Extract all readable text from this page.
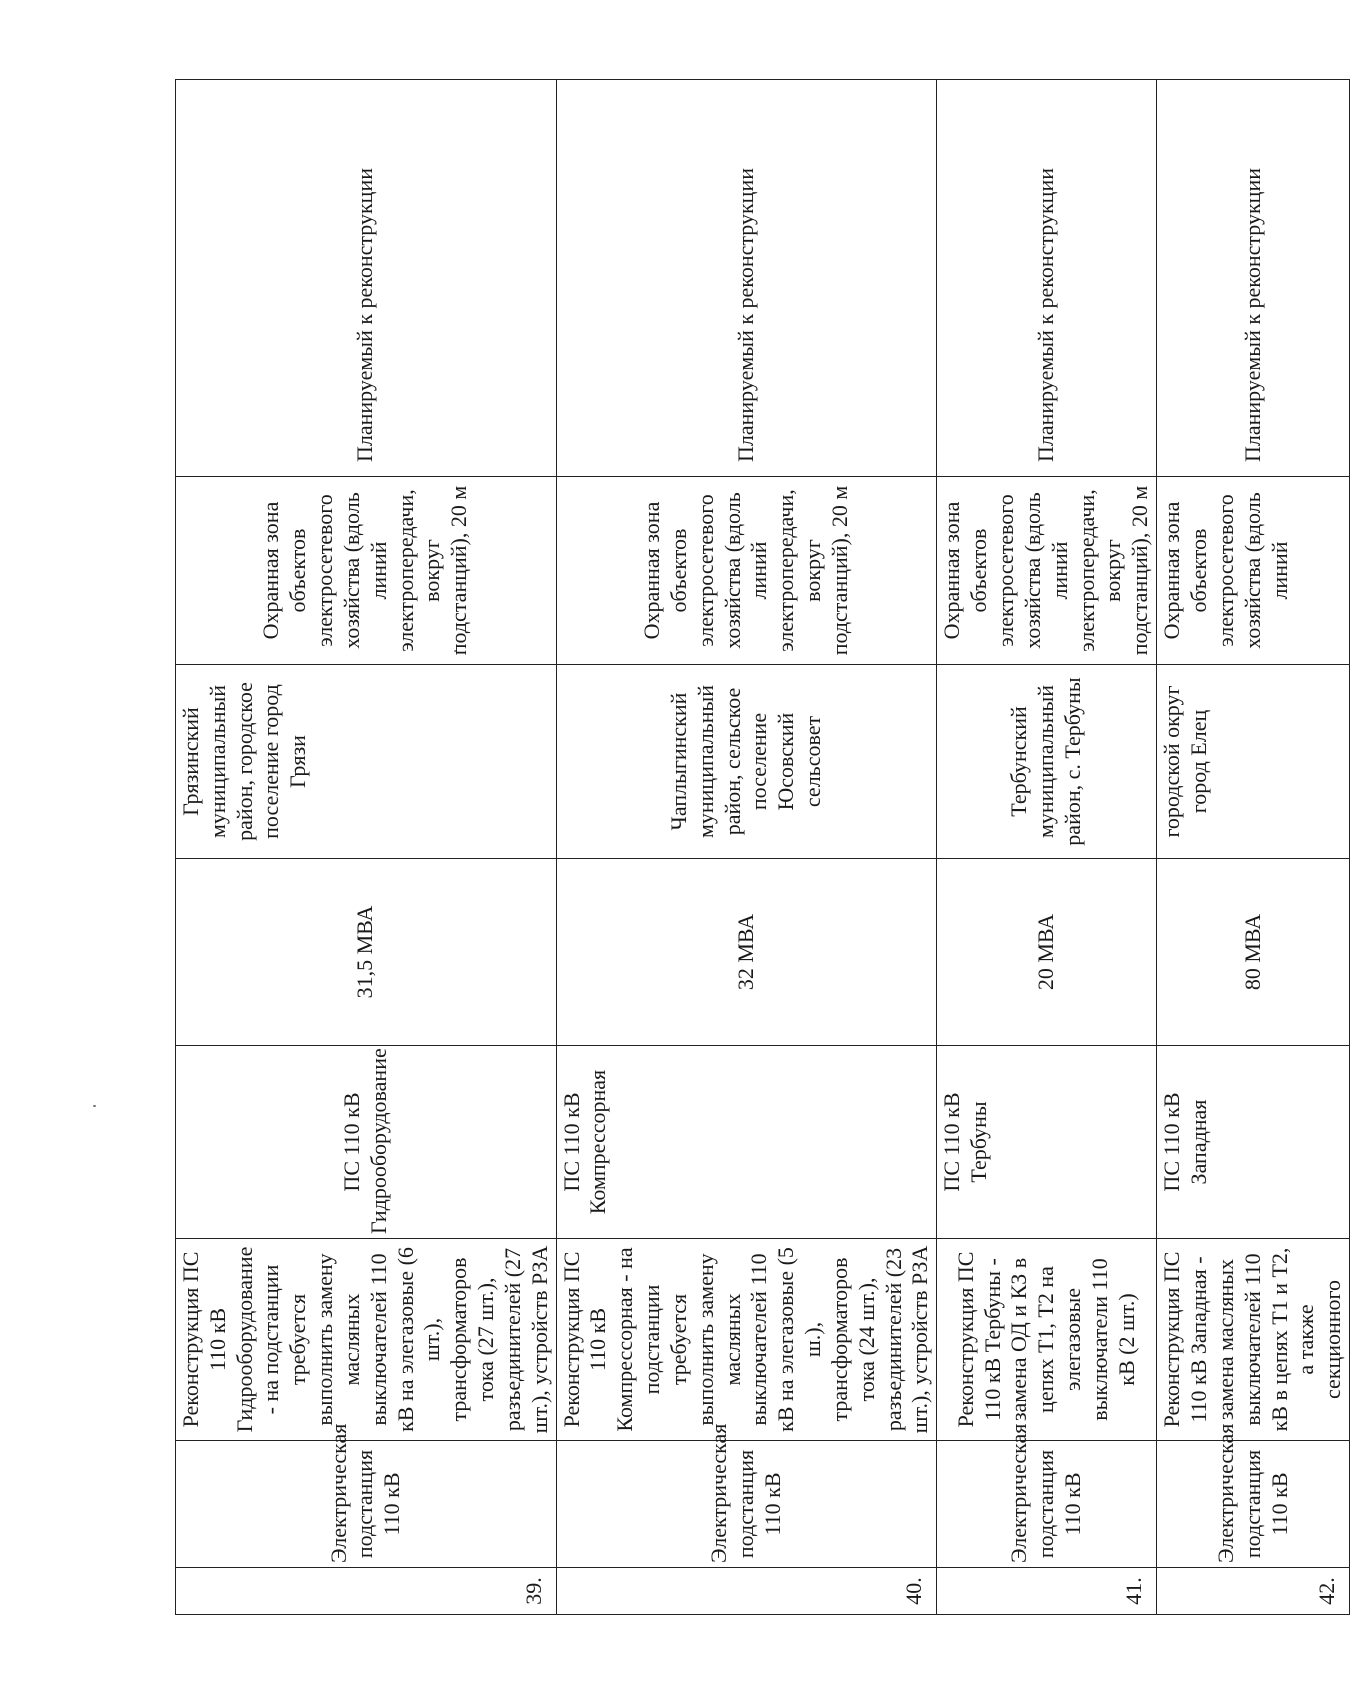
39.	Электрическая подстанция 110 кВ	Реконструкция ПС 110 кВ Гидрооборудование - на подстанции требуется выполнить замену масляных выключателей 110 кВ на элегазовые (6 шт.), трансформаторов тока (27 шт.), разъединителей (27 шт.), устройств РЗА	ПС 110 кВ Гидрооборудование	31,5 МВА	Грязинский муниципальный район, городское поселение город Грязи	Охранная зона объектов электросетевого хозяйства (вдоль линий электропередачи, вокруг подстанций), 20 м	Планируемый к реконструкции
40.	Электрическая подстанция 110 кВ	Реконструкция ПС 110 кВ Компрессорная - на подстанции требуется выполнить замену масляных выключателей 110 кВ на элегазовые (5 ш.), трансформаторов тока (24 шт.), разъединителей (23 шт.), устройств РЗА	ПС 110 кВ Компрессорная	32 МВА	Чаплыгинский муниципальный район, сельское поселение Юсовский сельсовет	Охранная зона объектов электросетевого хозяйства (вдоль линий электропередачи, вокруг подстанций), 20 м	Планируемый к реконструкции
41.	Электрическая подстанция 110 кВ	Реконструкция ПС 110 кВ Тербуны - замена ОД и КЗ в цепях Т1, Т2 на элегазовые выключатели 110 кВ (2 шт.)	ПС 110 кВ Тербуны	20 МВА	Тербунский муниципальный район, с. Тербуны	Охранная зона объектов электросетевого хозяйства (вдоль линий электропередачи, вокруг подстанций), 20 м	Планируемый к реконструкции
42.	Электрическая подстанция 110 кВ	Реконструкция ПС 110 кВ Западная - замена масляных выключателей 110 кВ в цепях Т1 и Т2, а также секционного	ПС 110 кВ Западная	80 МВА	городской округ город Елец	Охранная зона объектов электросетевого хозяйства (вдоль линий	Планируемый к реконструкции
